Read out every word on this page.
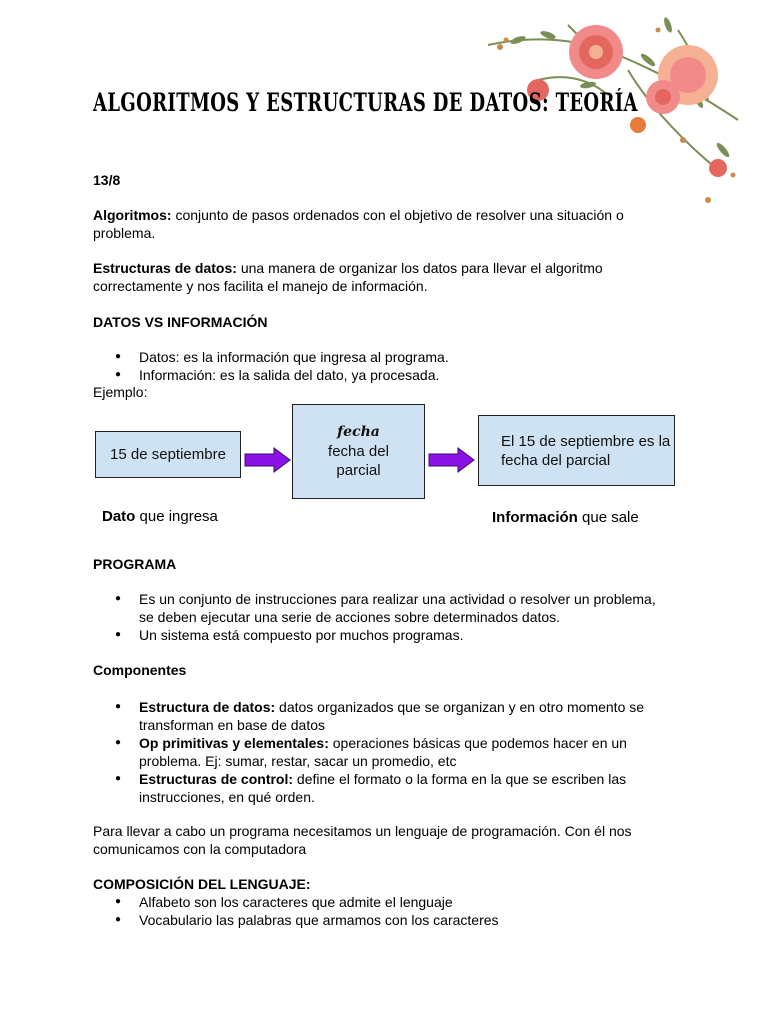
ALGORITMOS Y ESTRUCTURAS DE DATOS: TEORÍA
13/8
Algoritmos: conjunto de pasos ordenados con el objetivo de resolver una situación o problema.
Estructuras de datos: una manera de organizar los datos para llevar el algoritmo correctamente y nos facilita el manejo de información.
DATOS VS INFORMACIÓN
● Datos: es la información que ingresa al programa.
● Información: es la salida del dato, ya procesada.
Ejemplo:
15 de septiembre
fecha
fecha del parcial
El 15 de septiembre es la fecha del parcial
Dato que ingresa	Información que sale
PROGRAMA
● Es un conjunto de instrucciones para realizar una actividad o resolver un problema, se deben ejecutar una serie de acciones sobre determinados datos.
● Un sistema está compuesto por muchos programas.
Componentes
● Estructura de datos: datos organizados que se organizan y en otro momento se transforman en base de datos
● Op primitivas y elementales: operaciones básicas que podemos hacer en un problema. Ej: sumar, restar, sacar un promedio, etc
● Estructuras de control: define el formato o la forma en la que se escriben las instrucciones, en qué orden.
Para llevar a cabo un programa necesitamos un lenguaje de programación. Con él nos comunicamos con la computadora
COMPOSICIÓN DEL LENGUAJE:
● Alfabeto son los caracteres que admite el lenguaje
● Vocabulario las palabras que armamos con los caracteres
